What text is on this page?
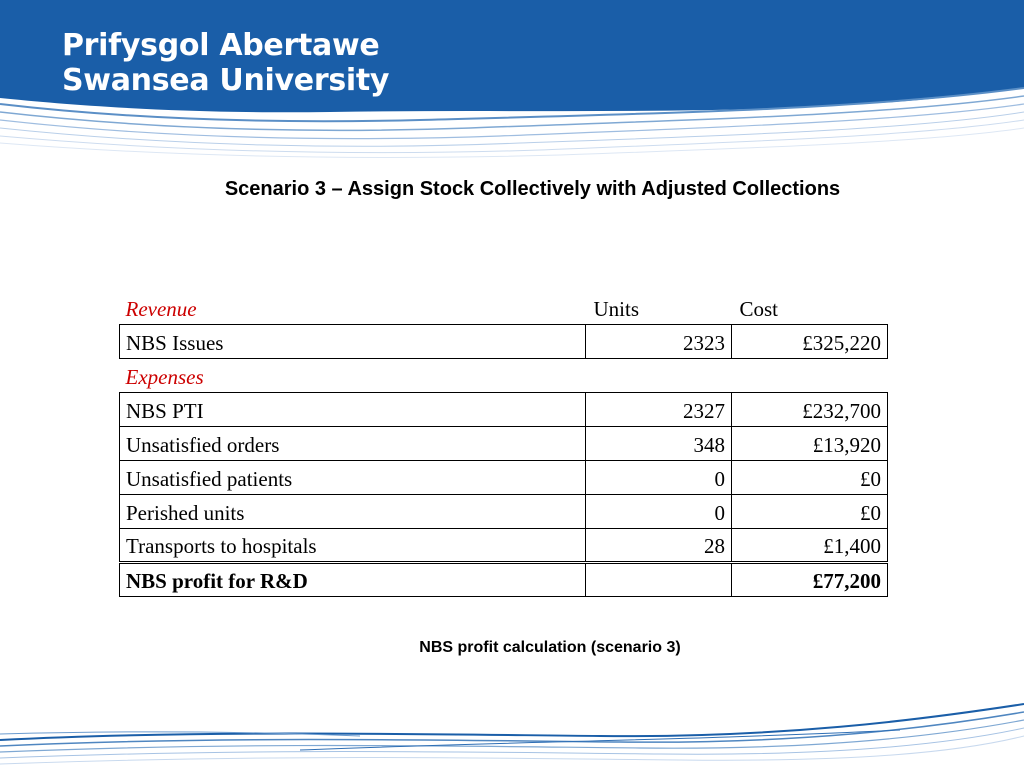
Prifysgol Abertawe
Swansea University
Scenario 3 – Assign Stock Collectively with Adjusted Collections
Revenue	Units	Cost
NBS Issues	2323	£325,220
Expenses		
NBS PTI	2327	£232,700
Unsatisfied orders	348	£13,920
Unsatisfied patients	0	£0
Perished units	0	£0
Transports to hospitals	28	£1,400
NBS profit for R&D		£77,200
NBS profit calculation (scenario 3)
